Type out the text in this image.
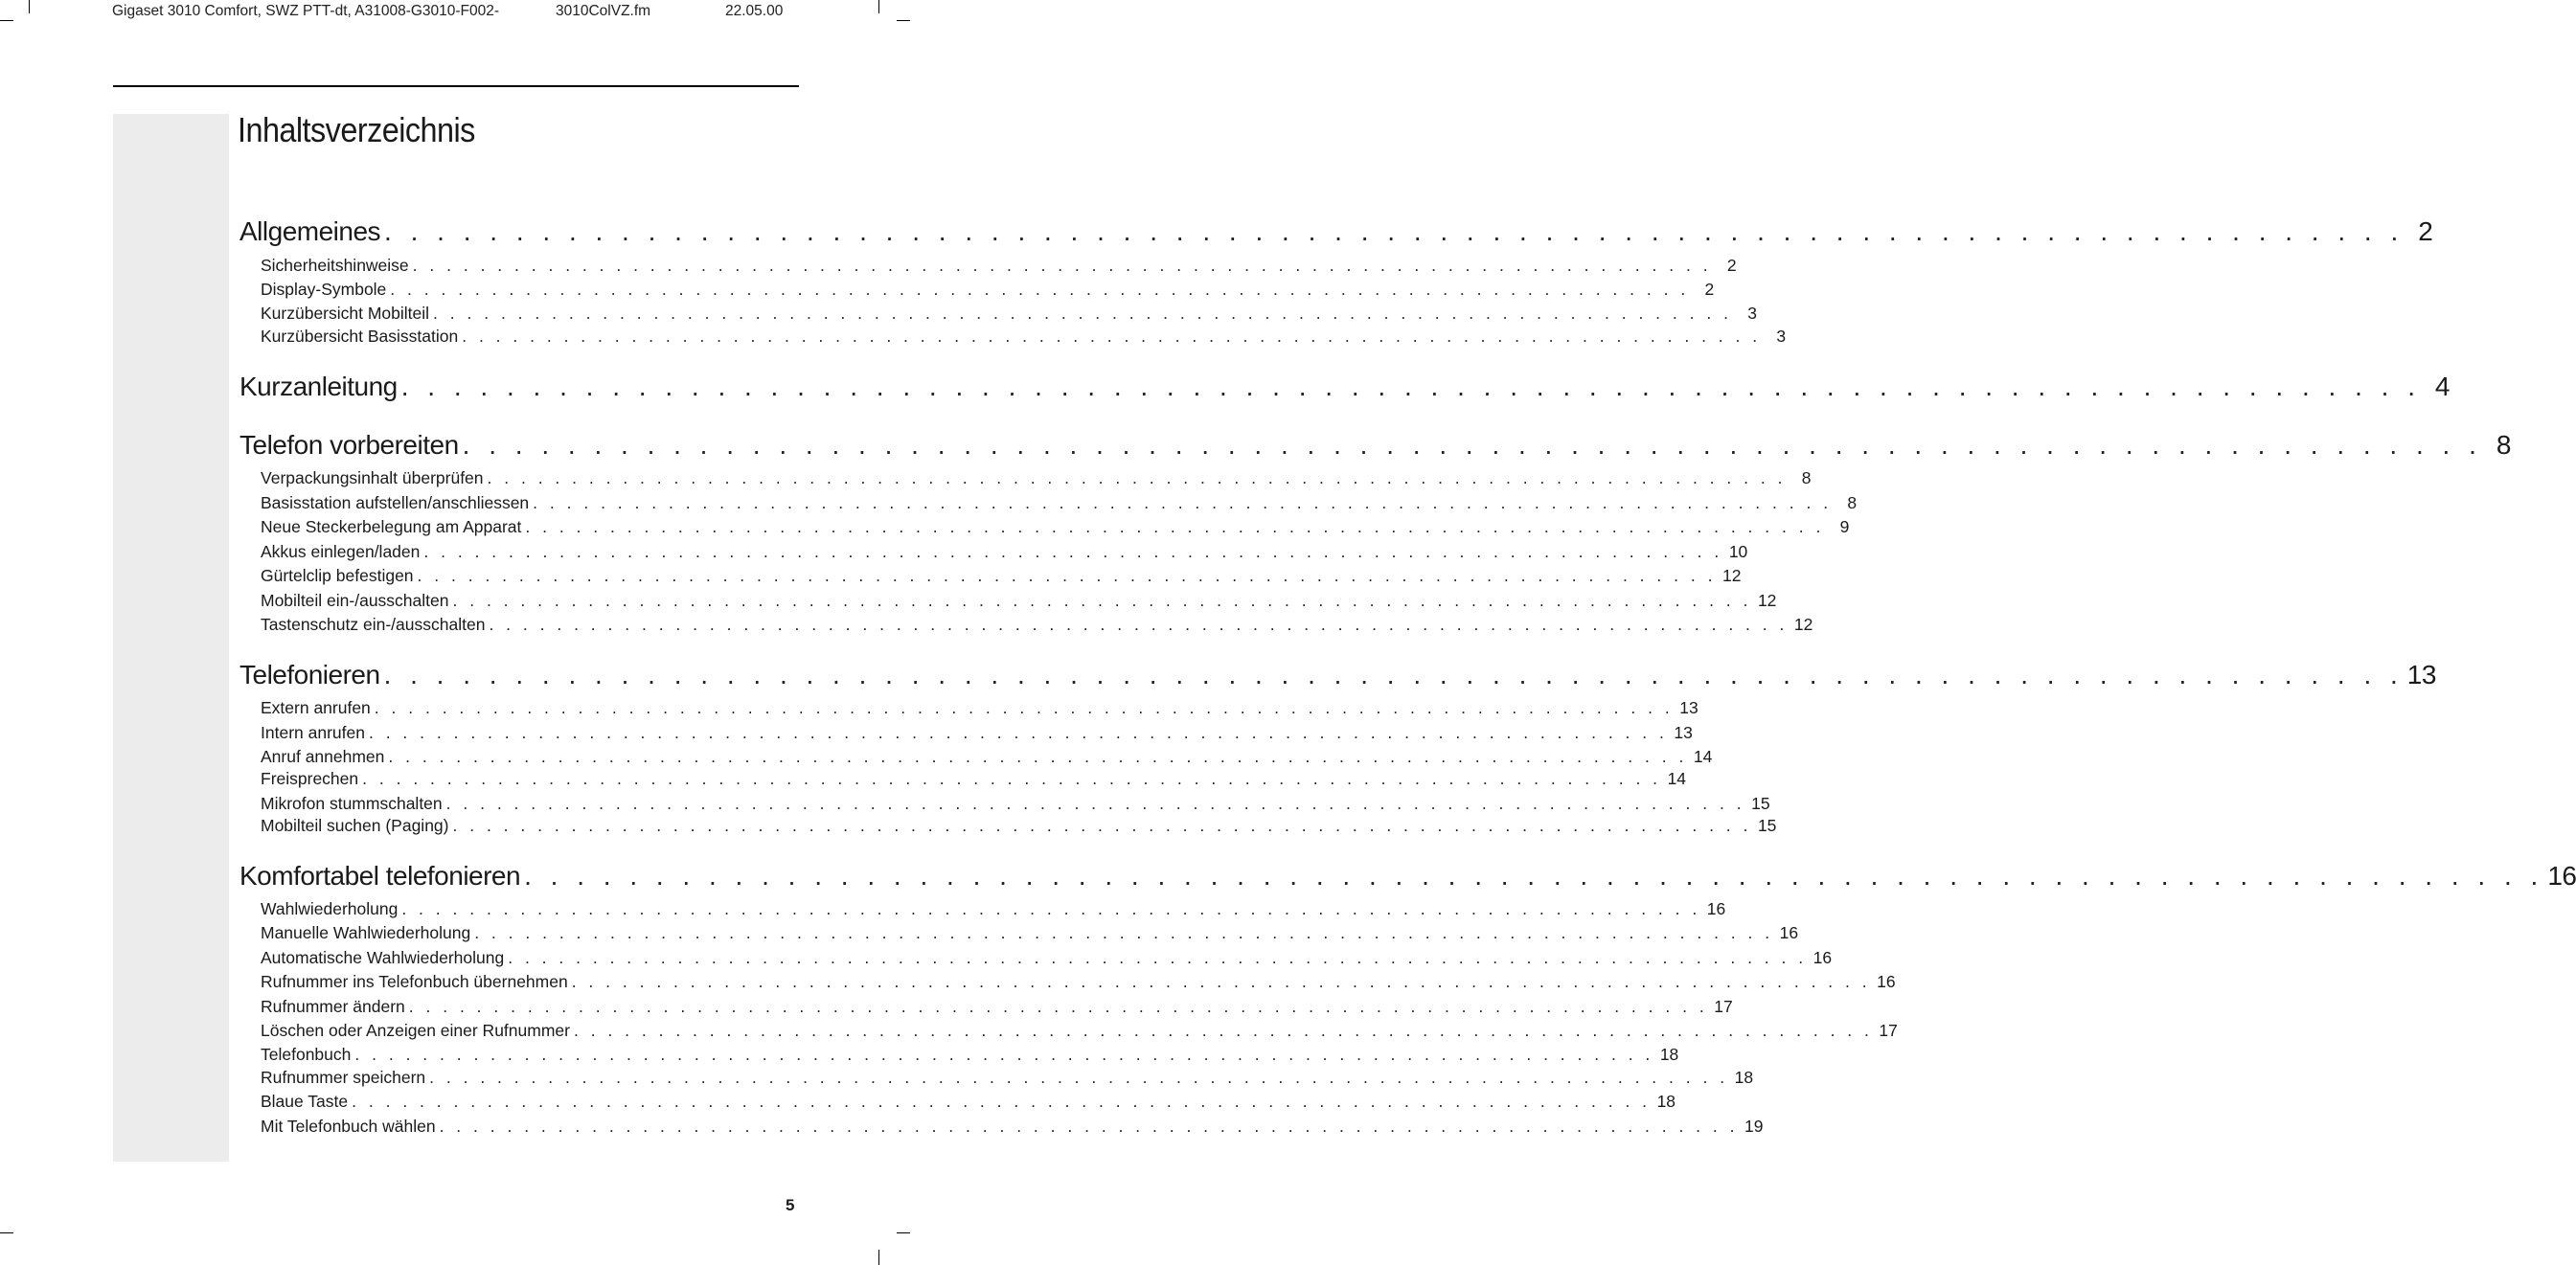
Gigaset 3010 Comfort, SWZ PTT-dt, A31008-G3010-F002-	3010ColVZ.fm	22.05.00
Inhaltsverzeichnis
Allgemeines . . . . . . . . . . . . . . . . . . . . . . . . . . . . . . . . . . . . . . . . . . . . . . . . . . . . . . . . . . . . . . . . . . . . . . . . . . . . . 2
Sicherheitshinweise . . . . . . . . . . . . . . . . . . . . . . . . . . . . . . . . . . . . . . . . . . . . . . . . . . . . . . . . . . . . . . . . . . . . . . . . . . . . . 2
Display-Symbole . . . . . . . . . . . . . . . . . . . . . . . . . . . . . . . . . . . . . . . . . . . . . . . . . . . . . . . . . . . . . . . . . . . . . . . . . . . . . 2
Kurzübersicht Mobilteil . . . . . . . . . . . . . . . . . . . . . . . . . . . . . . . . . . . . . . . . . . . . . . . . . . . . . . . . . . . . . . . . . . . . . . . . . . . . . 3
Kurzübersicht Basisstation . . . . . . . . . . . . . . . . . . . . . . . . . . . . . . . . . . . . . . . . . . . . . . . . . . . . . . . . . . . . . . . . . . . . . . . . . . . . . 3
Kurzanleitung . . . . . . . . . . . . . . . . . . . . . . . . . . . . . . . . . . . . . . . . . . . . . . . . . . . . . . . . . . . . . . . . . . . . . . . . . . . . . 4
Telefon vorbereiten . . . . . . . . . . . . . . . . . . . . . . . . . . . . . . . . . . . . . . . . . . . . . . . . . . . . . . . . . . . . . . . . . . . . . . . . . . . . . 8
Verpackungsinhalt überprüfen . . . . . . . . . . . . . . . . . . . . . . . . . . . . . . . . . . . . . . . . . . . . . . . . . . . . . . . . . . . . . . . . . . . . . . . . . . . . . 8
Basisstation aufstellen/anschliessen . . . . . . . . . . . . . . . . . . . . . . . . . . . . . . . . . . . . . . . . . . . . . . . . . . . . . . . . . . . . . . . . . . . . . . . . . . . . . 8
Neue Steckerbelegung am Apparat . . . . . . . . . . . . . . . . . . . . . . . . . . . . . . . . . . . . . . . . . . . . . . . . . . . . . . . . . . . . . . . . . . . . . . . . . . . . . 9
Akkus einlegen/laden . . . . . . . . . . . . . . . . . . . . . . . . . . . . . . . . . . . . . . . . . . . . . . . . . . . . . . . . . . . . . . . . . . . . . . . . . . . . . 10
Gürtelclip befestigen . . . . . . . . . . . . . . . . . . . . . . . . . . . . . . . . . . . . . . . . . . . . . . . . . . . . . . . . . . . . . . . . . . . . . . . . . . . . . 12
Mobilteil ein-/ausschalten . . . . . . . . . . . . . . . . . . . . . . . . . . . . . . . . . . . . . . . . . . . . . . . . . . . . . . . . . . . . . . . . . . . . . . . . . . . . . 12
Tastenschutz ein-/ausschalten . . . . . . . . . . . . . . . . . . . . . . . . . . . . . . . . . . . . . . . . . . . . . . . . . . . . . . . . . . . . . . . . . . . . . . . . . . . . . 12
Telefonieren . . . . . . . . . . . . . . . . . . . . . . . . . . . . . . . . . . . . . . . . . . . . . . . . . . . . . . . . . . . . . . . . . . . . . . . . . . . . . 13
Extern anrufen . . . . . . . . . . . . . . . . . . . . . . . . . . . . . . . . . . . . . . . . . . . . . . . . . . . . . . . . . . . . . . . . . . . . . . . . . . . . . 13
Intern anrufen . . . . . . . . . . . . . . . . . . . . . . . . . . . . . . . . . . . . . . . . . . . . . . . . . . . . . . . . . . . . . . . . . . . . . . . . . . . . . 13
Anruf annehmen . . . . . . . . . . . . . . . . . . . . . . . . . . . . . . . . . . . . . . . . . . . . . . . . . . . . . . . . . . . . . . . . . . . . . . . . . . . . . 14
Freisprechen . . . . . . . . . . . . . . . . . . . . . . . . . . . . . . . . . . . . . . . . . . . . . . . . . . . . . . . . . . . . . . . . . . . . . . . . . . . . . 14
Mikrofon stummschalten . . . . . . . . . . . . . . . . . . . . . . . . . . . . . . . . . . . . . . . . . . . . . . . . . . . . . . . . . . . . . . . . . . . . . . . . . . . . . 15
Mobilteil suchen (Paging) . . . . . . . . . . . . . . . . . . . . . . . . . . . . . . . . . . . . . . . . . . . . . . . . . . . . . . . . . . . . . . . . . . . . . . . . . . . . . 15
Komfortabel telefonieren . . . . . . . . . . . . . . . . . . . . . . . . . . . . . . . . . . . . . . . . . . . . . . . . . . . . . . . . . . . . . . . . . . . . . . . . . . . . . 16
Wahlwiederholung . . . . . . . . . . . . . . . . . . . . . . . . . . . . . . . . . . . . . . . . . . . . . . . . . . . . . . . . . . . . . . . . . . . . . . . . . . . . . 16
Manuelle Wahlwiederholung . . . . . . . . . . . . . . . . . . . . . . . . . . . . . . . . . . . . . . . . . . . . . . . . . . . . . . . . . . . . . . . . . . . . . . . . . . . . . 16
Automatische Wahlwiederholung . . . . . . . . . . . . . . . . . . . . . . . . . . . . . . . . . . . . . . . . . . . . . . . . . . . . . . . . . . . . . . . . . . . . . . . . . . . . . 16
Rufnummer ins Telefonbuch übernehmen . . . . . . . . . . . . . . . . . . . . . . . . . . . . . . . . . . . . . . . . . . . . . . . . . . . . . . . . . . . . . . . . . . . . . . . . . . . . . 16
Rufnummer ändern . . . . . . . . . . . . . . . . . . . . . . . . . . . . . . . . . . . . . . . . . . . . . . . . . . . . . . . . . . . . . . . . . . . . . . . . . . . . . 17
Löschen oder Anzeigen einer Rufnummer . . . . . . . . . . . . . . . . . . . . . . . . . . . . . . . . . . . . . . . . . . . . . . . . . . . . . . . . . . . . . . . . . . . . . . . . . . . . . 17
Telefonbuch . . . . . . . . . . . . . . . . . . . . . . . . . . . . . . . . . . . . . . . . . . . . . . . . . . . . . . . . . . . . . . . . . . . . . . . . . . . . . 18
Rufnummer speichern . . . . . . . . . . . . . . . . . . . . . . . . . . . . . . . . . . . . . . . . . . . . . . . . . . . . . . . . . . . . . . . . . . . . . . . . . . . . . 18
Blaue Taste . . . . . . . . . . . . . . . . . . . . . . . . . . . . . . . . . . . . . . . . . . . . . . . . . . . . . . . . . . . . . . . . . . . . . . . . . . . . . 18
Mit Telefonbuch wählen . . . . . . . . . . . . . . . . . . . . . . . . . . . . . . . . . . . . . . . . . . . . . . . . . . . . . . . . . . . . . . . . . . . . . . . . . . . . . 19
5
